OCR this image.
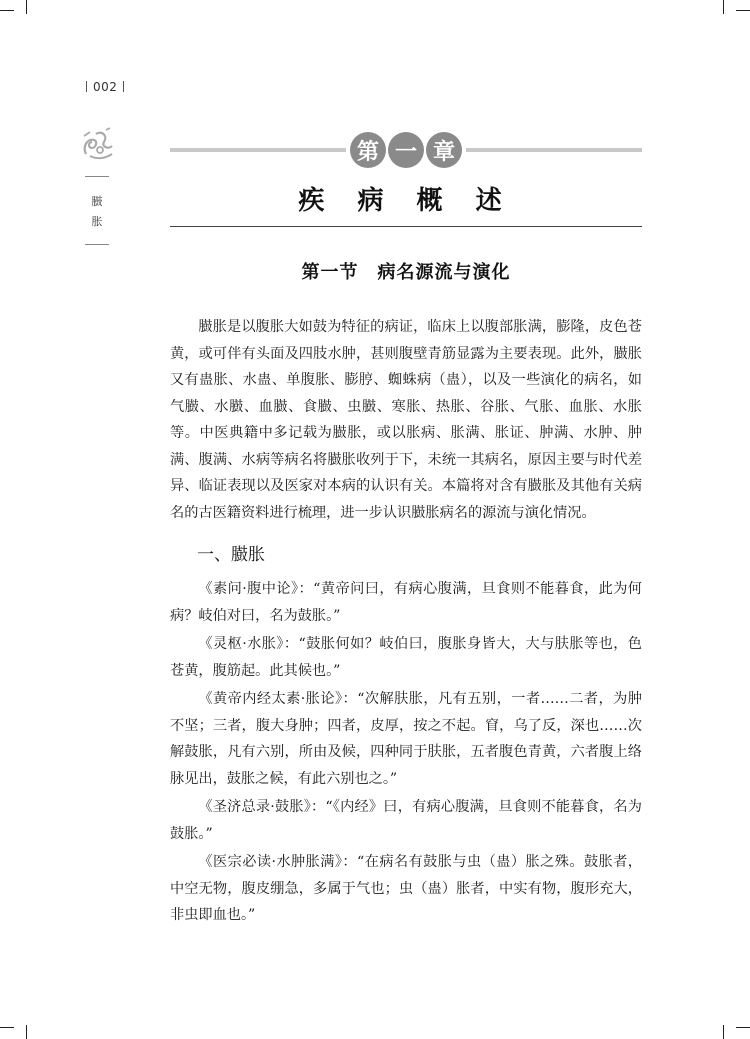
002
臌
胀
第 一 章
疾 病 概 述
第一节　病名源流与演化

臌胀是以腹胀大如鼓为特征的病证，临床上以腹部胀满，膨隆，皮色苍黄，或可伴有头面及四肢水肿，甚则腹壁青筋显露为主要表现。此外，臌胀又有蛊胀、水蛊、单腹胀、膨脝、蜘蛛病（蛊），以及一些演化的病名，如气臌、水臌、血臌、食臌、虫臌、寒胀、热胀、谷胀、气胀、血胀、水胀等。中医典籍中多记载为臌胀，或以胀病、胀满、胀证、肿满、水肿、肿满、腹满、水病等病名将臌胀收列于下，未统一其病名，原因主要与时代差异、临证表现以及医家对本病的认识有关。本篇将对含有臌胀及其他有关病名的古医籍资料进行梳理，进一步认识臌胀病名的源流与演化情况。

一、臌胀

《素问·腹中论》：“黄帝问曰，有病心腹满，旦食则不能暮食，此为何病？岐伯对曰，名为鼓胀。”

《灵枢·水胀》：“鼓胀何如？岐伯曰，腹胀身皆大，大与肤胀等也，色苍黄，腹筋起。此其候也。”

《黄帝内经太素·胀论》：“次解肤胀，凡有五别，一者……二者，为肿不坚；三者，腹大身肿；四者，皮厚，按之不起。窅，乌了反，深也……次解鼓胀，凡有六别，所由及候，四种同于肤胀，五者腹色青黄，六者腹上络脉见出，鼓胀之候，有此六别也之。”

《圣济总录·鼓胀》：“《内经》曰，有病心腹满，旦食则不能暮食，名为鼓胀。”

《医宗必读·水肿胀满》：“在病名有鼓胀与虫（蛊）胀之殊。鼓胀者，中空无物，腹皮绷急，多属于气也；虫（蛊）胀者，中实有物，腹形充大，非虫即血也。”
